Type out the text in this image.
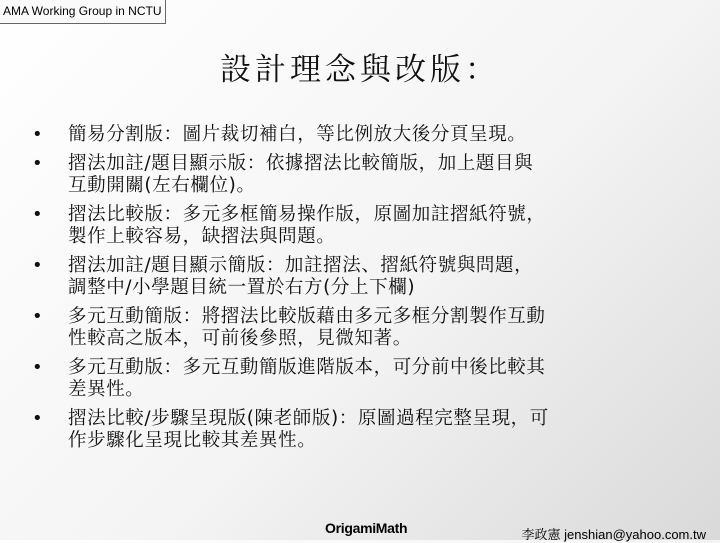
AMA Working Group in NCTU
設計理念與改版：
• 簡易分割版：圖片裁切補白，等比例放大後分頁呈現。
• 摺法加註/題目顯示版：依據摺法比較簡版，加上題目與
互動開關(左右欄位)。
• 摺法比較版：多元多框簡易操作版，原圖加註摺紙符號，
製作上較容易，缺摺法與問題。
• 摺法加註/題目顯示簡版：加註摺法、摺紙符號與問題，
調整中/小學題目統一置於右方(分上下欄)
• 多元互動簡版：將摺法比較版藉由多元多框分割製作互動
性較高之版本，可前後參照，見微知著。
• 多元互動版：多元互動簡版進階版本，可分前中後比較其
差異性。
• 摺法比較/步驟呈現版(陳老師版)：原圖過程完整呈現，可
作步驟化呈現比較其差異性。
OrigamiMath	李政憲 jenshian@yahoo.com.tw
